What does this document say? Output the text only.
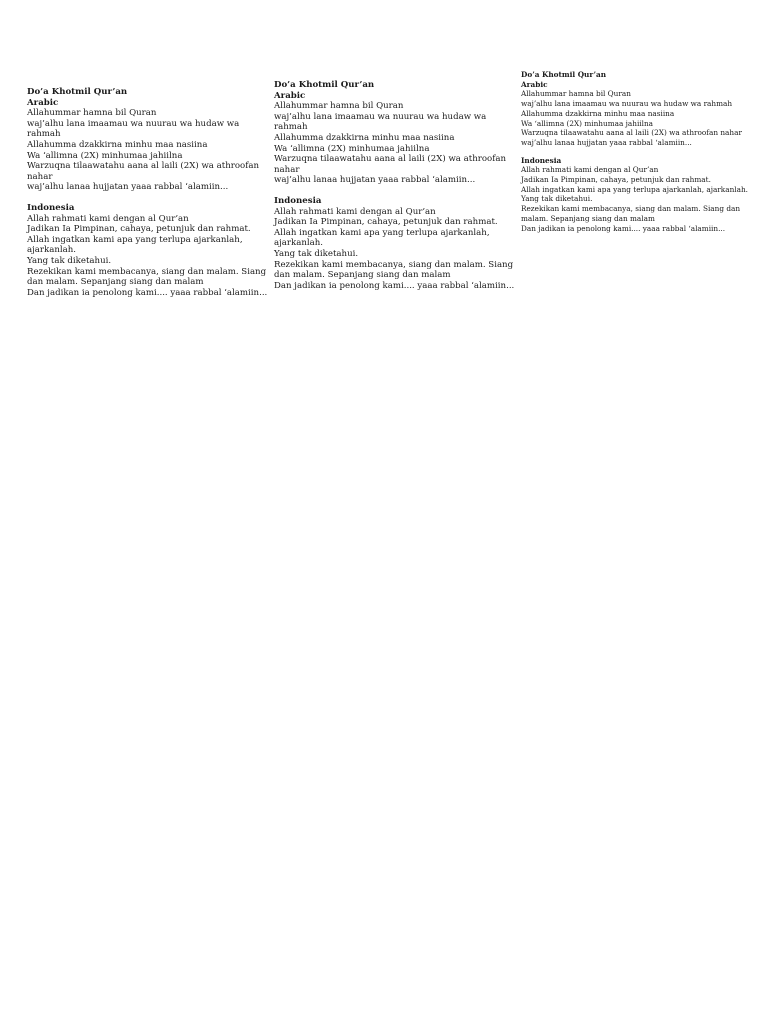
Do’a Khotmil Qur’an
Arabic
Allahummar hamna bil Quran
waj’alhu lana imaamau wa nuurau wa hudaw wa
rahmah
Allahumma dzakkirna minhu maa nasiina
Wa ‘allimna (2X) minhumaa jahiilna
Warzuqna tilaawatahu aana al laili (2X) wa athroofan
nahar
waj’alhu lanaa hujjatan yaaa rabbal ‘alamiin...
Indonesia
Allah rahmati kami dengan al Qur’an
Jadikan Ia Pimpinan, cahaya, petunjuk dan rahmat.
Allah ingatkan kami apa yang terlupa ajarkanlah,
ajarkanlah.
Yang tak diketahui.
Rezekikan kami membacanya, siang dan malam. Siang
dan malam. Sepanjang siang dan malam
Dan jadikan ia penolong kami.... yaaa rabbal ‘alamiin...
Do’a Khotmil Qur’an
Arabic
Allahummar hamna bil Quran
waj’alhu lana imaamau wa nuurau wa hudaw wa
rahmah
Allahumma dzakkirna minhu maa nasiina
Wa ‘allimna (2X) minhumaa jahiilna
Warzuqna tilaawatahu aana al laili (2X) wa athroofan
nahar
waj’alhu lanaa hujjatan yaaa rabbal ‘alamiin...
Indonesia
Allah rahmati kami dengan al Qur’an
Jadikan Ia Pimpinan, cahaya, petunjuk dan rahmat.
Allah ingatkan kami apa yang terlupa ajarkanlah,
ajarkanlah.
Yang tak diketahui.
Rezekikan kami membacanya, siang dan malam. Siang
dan malam. Sepanjang siang dan malam
Dan jadikan ia penolong kami.... yaaa rabbal ‘alamiin...
Do’a Khotmil Qur’an
Arabic
Allahummar hamna bil Quran
waj’alhu lana imaamau wa nuurau wa hudaw wa rahmah
Allahumma dzakkirna minhu maa nasiina
Wa ‘allimna (2X) minhumaa jahiilna
Warzuqna tilaawatahu aana al laili (2X) wa athroofan nahar
waj’alhu lanaa hujjatan yaaa rabbal ‘alamiin...
Indonesia
Allah rahmati kami dengan al Qur’an
Jadikan Ia Pimpinan, cahaya, petunjuk dan rahmat.
Allah ingatkan kami apa yang terlupa ajarkanlah, ajarkanlah.
Yang tak diketahui.
Rezekikan kami membacanya, siang dan malam. Siang dan
malam. Sepanjang siang dan malam
Dan jadikan ia penolong kami.... yaaa rabbal ‘alamiin...
